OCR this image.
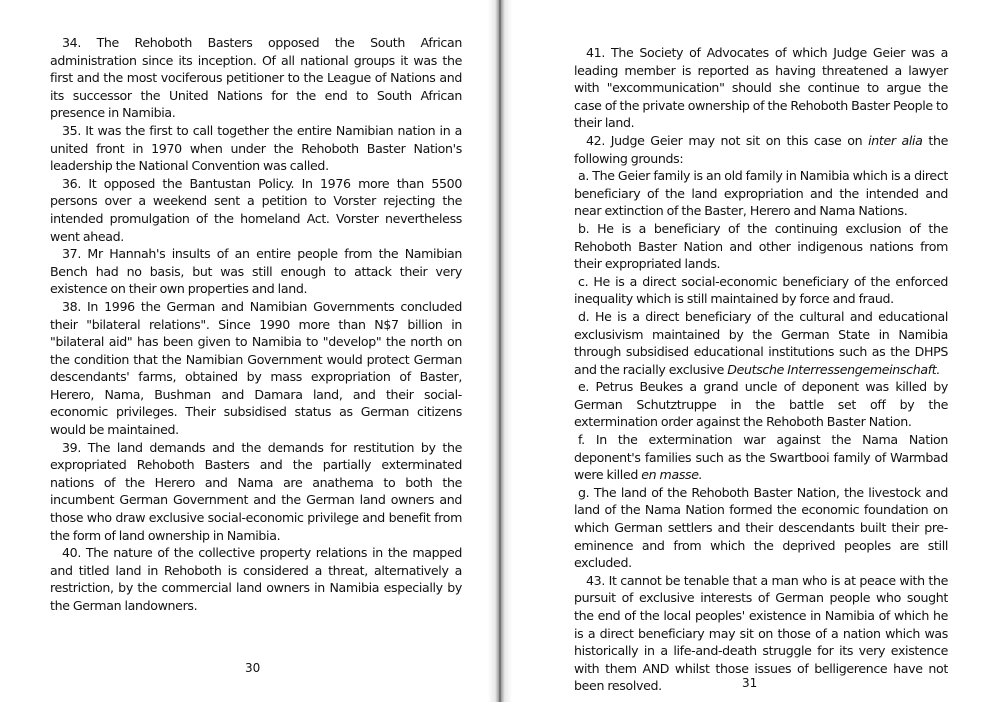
34. The Rehoboth Basters opposed the South African administration since its inception. Of all national groups it was the first and the most vociferous petitioner to the League of Nations and its successor the United Nations for the end to South African presence in Namibia.

35. It was the first to call together the entire Namibian nation in a united front in 1970 when under the Rehoboth Baster Nation's leadership the National Convention was called.

36. It opposed the Bantustan Policy. In 1976 more than 5500 persons over a weekend sent a petition to Vorster rejecting the intended promulgation of the homeland Act. Vorster nevertheless went ahead.

37. Mr Hannah's insults of an entire people from the Namibian Bench had no basis, but was still enough to attack their very existence on their own properties and land.

38. In 1996 the German and Namibian Governments concluded their "bilateral relations". Since 1990 more than N$7 billion in "bilateral aid" has been given to Namibia to "develop" the north on the condition that the Namibian Government would protect German descendants' farms, obtained by mass expropriation of Baster, Herero, Nama, Bushman and Damara land, and their social-economic privileges. Their subsidised status as German citizens would be maintained.

39. The land demands and the demands for restitution by the expropriated Rehoboth Basters and the partially exterminated nations of the Herero and Nama are anathema to both the incumbent German Government and the German land owners and those who draw exclusive social-economic privilege and benefit from the form of land ownership in Namibia.

40. The nature of the collective property relations in the mapped and titled land in Rehoboth is considered a threat, alternatively a restriction, by the commercial land owners in Namibia especially by the German landowners.

30

41. The Society of Advocates of which Judge Geier was a leading member is reported as having threatened a lawyer with "excommunication" should she continue to argue the case of the private ownership of the Rehoboth Baster People to their land.

42. Judge Geier may not sit on this case on inter alia the following grounds:

a. The Geier family is an old family in Namibia which is a direct beneficiary of the land expropriation and the intended and near extinction of the Baster, Herero and Nama Nations.

b. He is a beneficiary of the continuing exclusion of the Rehoboth Baster Nation and other indigenous nations from their expropriated lands.

c. He is a direct social-economic beneficiary of the enforced inequality which is still maintained by force and fraud.

d. He is a direct beneficiary of the cultural and educational exclusivism maintained by the German State in Namibia through subsidised educational institutions such as the DHPS and the racially exclusive Deutsche Interressengemeinschaft.

e. Petrus Beukes a grand uncle of deponent was killed by German Schutztruppe in the battle set off by the extermination order against the Rehoboth Baster Nation.

f. In the extermination war against the Nama Nation deponent's families such as the Swartbooi family of Warmbad were killed en masse.

g. The land of the Rehoboth Baster Nation, the livestock and land of the Nama Nation formed the economic foundation on which German settlers and their descendants built their pre-eminence and from which the deprived peoples are still excluded.

43. It cannot be tenable that a man who is at peace with the pursuit of exclusive interests of German people who sought the end of the local peoples' existence in Namibia of which he is a direct beneficiary may sit on those of a nation which was historically in a life-and-death struggle for its very existence with them AND whilst those issues of belligerence have not been resolved.	31
